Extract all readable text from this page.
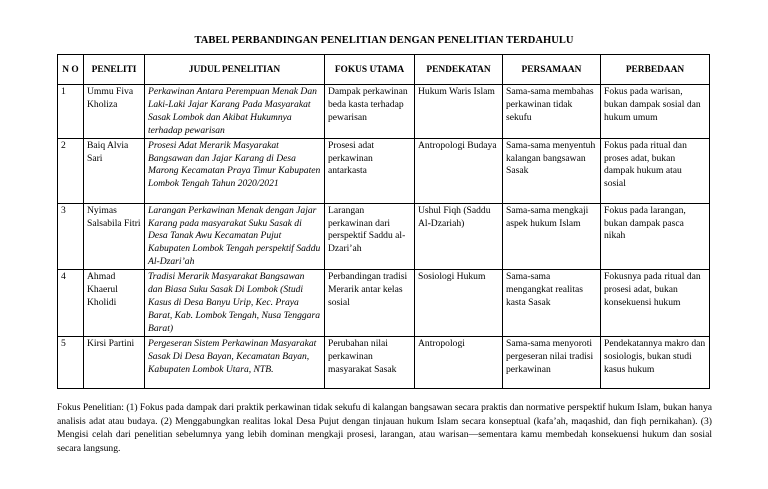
TABEL PERBANDINGAN PENELITIAN DENGAN PENELITIAN TERDAHULU
N O	PENELITI	JUDUL PENELITIAN	FOKUS UTAMA	PENDEKATAN	PERSAMAAN	PERBEDAAN
1	Ummu Fiva Kholiza	Perkawinan Antara Perempuan Menak Dan Laki-Laki Jajar Karang Pada Masyarakat Sasak Lombok dan Akibat Hukumnya terhadap pewarisan	Dampak perkawinan beda kasta terhadap pewarisan	Hukum Waris Islam	Sama-sama membahas perkawinan tidak sekufu	Fokus pada warisan, bukan dampak sosial dan hukum umum
2	Baiq Alvia Sari	Prosesi Adat Merarik Masyarakat Bangsawan dan Jajar Karang di Desa Marong Kecamatan Praya Timur Kabupaten Lombok Tengah Tahun 2020/2021	Prosesi adat perkawinan antarkasta	Antropologi Budaya	Sama-sama menyentuh kalangan bangsawan Sasak	Fokus pada ritual dan proses adat, bukan dampak hukum atau sosial
3	Nyimas Salsabila Fitri	Larangan Perkawinan Menak dengan Jajar Karang pada masyarakat Suku Sasak di Desa Tanak Awu Kecamatan Pujut Kabupaten Lombok Tengah perspektif Saddu Al-Dzari’ah	Larangan perkawinan dari perspektif Saddu al-Dzari’ah	Ushul Fiqh (Saddu Al-Dzariah)	Sama-sama mengkaji aspek hukum Islam	Fokus pada larangan, bukan dampak pasca nikah
4	Ahmad Khaerul Kholidi	Tradisi Merarik Masyarakat Bangsawan dan Biasa Suku Sasak Di Lombok (Studi Kasus di Desa Banyu Urip, Kec. Praya Barat, Kab. Lombok Tengah, Nusa Tenggara Barat)	Perbandingan tradisi Merarik antar kelas sosial	Sosiologi Hukum	Sama-sama mengangkat realitas kasta Sasak	Fokusnya pada ritual dan prosesi adat, bukan konsekuensi hukum
5	Kirsi Partini	Pergeseran Sistem Perkawinan Masyarakat Sasak Di Desa Bayan, Kecamatan Bayan, Kabupaten Lombok Utara, NTB.	Perubahan nilai perkawinan masyarakat Sasak	Antropologi	Sama-sama menyoroti pergeseran nilai tradisi perkawinan	Pendekatannya makro dan sosiologis, bukan studi kasus hukum
Fokus Penelitian: (1) Fokus pada dampak dari praktik perkawinan tidak sekufu di kalangan bangsawan secara praktis dan normative perspektif hukum Islam, bukan hanya analisis adat atau budaya. (2) Menggabungkan realitas lokal Desa Pujut dengan tinjauan hukum Islam secara konseptual (kafa’ah, maqashid, dan fiqh pernikahan). (3) Mengisi celah dari penelitian sebelumnya yang lebih dominan mengkaji prosesi, larangan, atau warisan—sementara kamu membedah konsekuensi hukum dan sosial secara langsung.
